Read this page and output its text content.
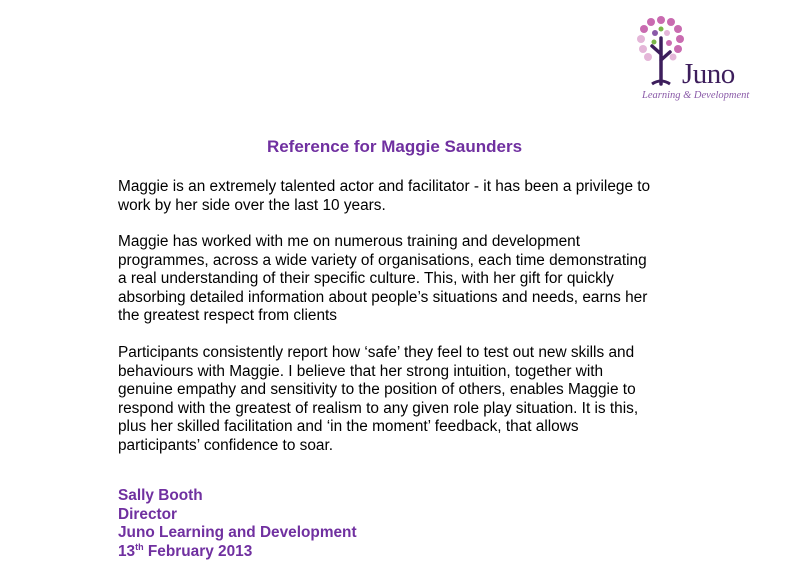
Juno
Learning & Development
Reference for Maggie Saunders

Maggie is an extremely talented actor and facilitator - it has been a privilege to
work by her side over the last 10 years.

Maggie has worked with me on numerous training and development
programmes, across a wide variety of organisations, each time demonstrating
a real understanding of their specific culture. This, with her gift for quickly
absorbing detailed information about people’s situations and needs, earns her
the greatest respect from clients

Participants consistently report how ‘safe’ they feel to test out new skills and
behaviours with Maggie. I believe that her strong intuition, together with
genuine empathy and sensitivity to the position of others, enables Maggie to
respond with the greatest of realism to any given role play situation. It is this,
plus her skilled facilitation and ‘in the moment’ feedback, that allows
participants’ confidence to soar.

Sally Booth
Director
Juno Learning and Development
13th February 2013
